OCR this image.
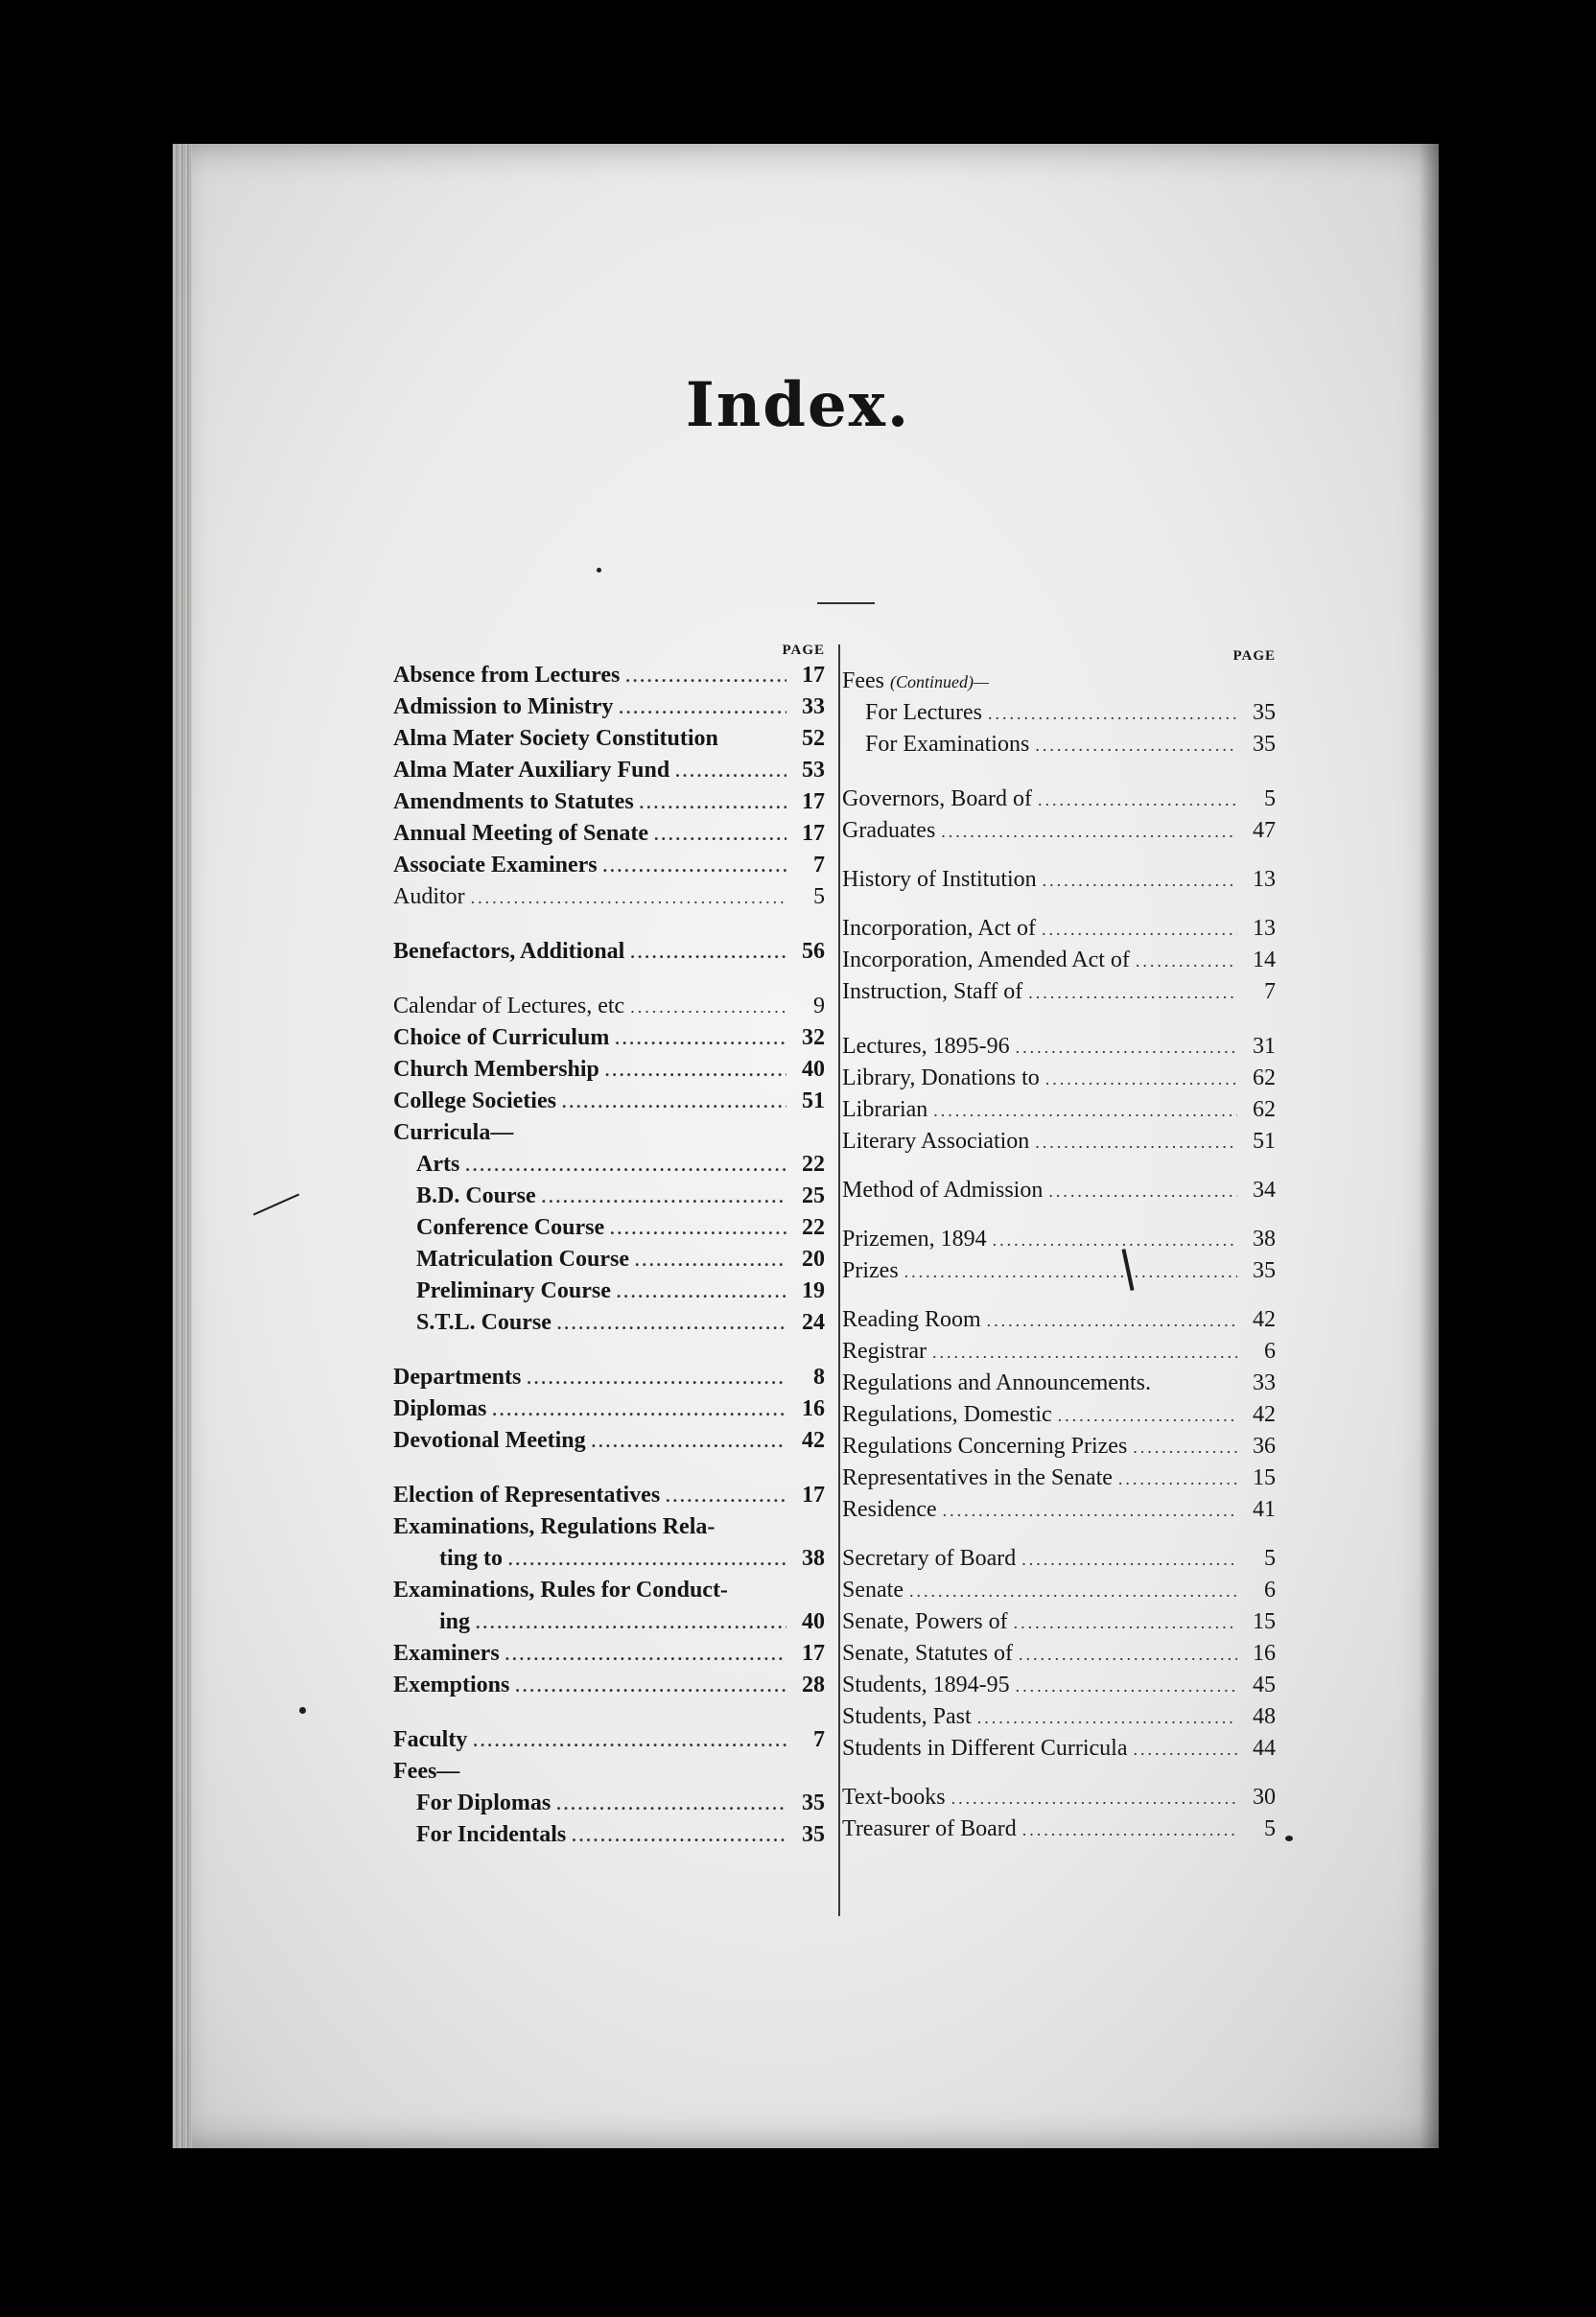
Index.
PAGE
Absence from Lectures .....	17
Admission to Ministry .....	33
Alma Mater Society Constitution	52
Alma Mater Auxiliary Fund .....	53
Amendments to Statutes .....	17
Annual Meeting of Senate .....	17
Associate Examiners .....	7
Auditor .....	5
Benefactors, Additional .....	56
Calendar of Lectures, etc .....	9
Choice of Curriculum .....	32
Church Membership .....	40
College Societies .....	51
Curricula—
Arts .....	22
B.D. Course .....	25
Conference Course .....	22
Matriculation Course .....	20
Preliminary Course .....	19
S.T.L. Course .....	24
Departments .....	8
Diplomas .....	16
Devotional Meeting .....	42
Election of Representatives .....	17
Examinations, Regulations Rela-
ting to .....	38
Examinations, Rules for Conduct-
ing .....	40
Examiners .....	17
Exemptions .....	28
Faculty .....	7
Fees—
For Diplomas .....	35
For Incidentals .....	35
PAGE
Fees (Continued)—
For Lectures .....	35
For Examinations .....	35
Governors, Board of .....	5
Graduates .....	47
History of Institution .....	13
Incorporation, Act of .....	13
Incorporation, Amended Act of .....	14
Instruction, Staff of .....	7
Lectures, 1895-96 .....	31
Library, Donations to .....	62
Librarian .....	62
Literary Association .....	51
Method of Admission .....	34
Prizemen, 1894 .....	38
Prizes .....	35
Reading Room .....	42
Registrar .....	6
Regulations and Announcements.	33
Regulations, Domestic .....	42
Regulations Concerning Prizes .....	36
Representatives in the Senate .....	15
Residence .....	41
Secretary of Board .....	5
Senate .....	6
Senate, Powers of .....	15
Senate, Statutes of .....	16
Students, 1894-95 .....	45
Students, Past .....	48
Students in Different Curricula .....	44
Text-books .....	30
Treasurer of Board .....	5
